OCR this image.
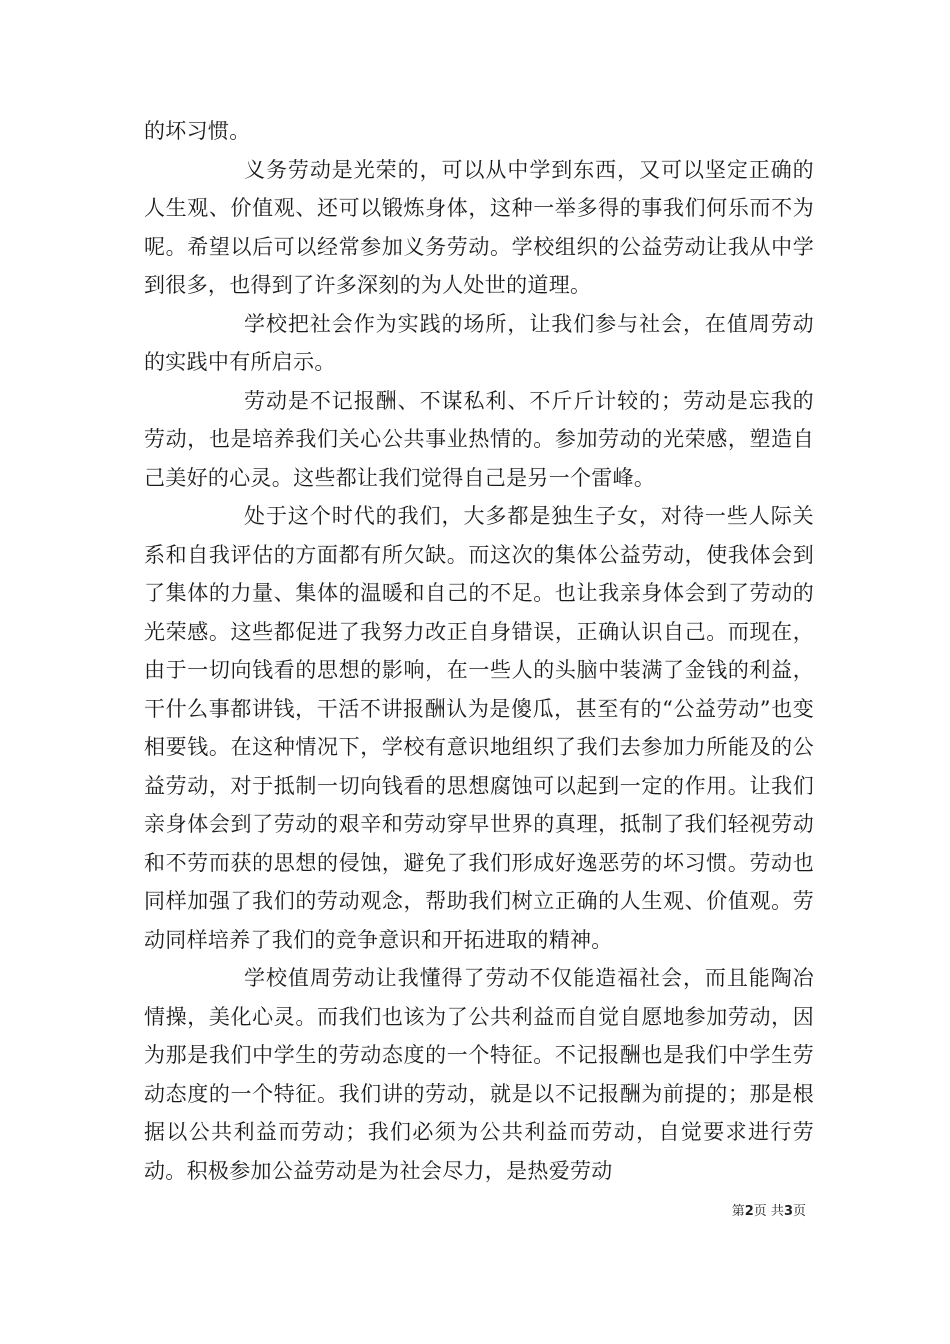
的坏习惯。

义务劳动是光荣的，可以从中学到东西，又可以坚定正确的人生观、价值观、还可以锻炼身体，这种一举多得的事我们何乐而不为呢。希望以后可以经常参加义务劳动。学校组织的公益劳动让我从中学到很多，也得到了许多深刻的为人处世的道理。

学校把社会作为实践的场所，让我们参与社会，在值周劳动的实践中有所启示。

劳动是不记报酬、不谋私利、不斤斤计较的；劳动是忘我的劳动，也是培养我们关心公共事业热情的。参加劳动的光荣感，塑造自己美好的心灵。这些都让我们觉得自己是另一个雷峰。

处于这个时代的我们，大多都是独生子女，对待一些人际关系和自我评估的方面都有所欠缺。而这次的集体公益劳动，使我体会到了集体的力量、集体的温暖和自己的不足。也让我亲身体会到了劳动的光荣感。这些都促进了我努力改正自身错误，正确认识自己。而现在，由于一切向钱看的思想的影响，在一些人的头脑中装满了金钱的利益，干什么事都讲钱，干活不讲报酬认为是傻瓜，甚至有的“公益劳动”也变相要钱。在这种情况下，学校有意识地组织了我们去参加力所能及的公益劳动，对于抵制一切向钱看的思想腐蚀可以起到一定的作用。让我们亲身体会到了劳动的艰辛和劳动穿早世界的真理，抵制了我们轻视劳动和不劳而获的思想的侵蚀，避免了我们形成好逸恶劳的坏习惯。劳动也同样加强了我们的劳动观念，帮助我们树立正确的人生观、价值观。劳动同样培养了我们的竞争意识和开拓进取的精神。

学校值周劳动让我懂得了劳动不仅能造福社会，而且能陶冶情操，美化心灵。而我们也该为了公共利益而自觉自愿地参加劳动，因为那是我们中学生的劳动态度的一个特征。不记报酬也是我们中学生劳动态度的一个特征。我们讲的劳动，就是以不记报酬为前提的；那是根据以公共利益而劳动；我们必须为公共利益而劳动，自觉要求进行劳动。积极参加公益劳动是为社会尽力，是热爱劳动

第2页 共3页
